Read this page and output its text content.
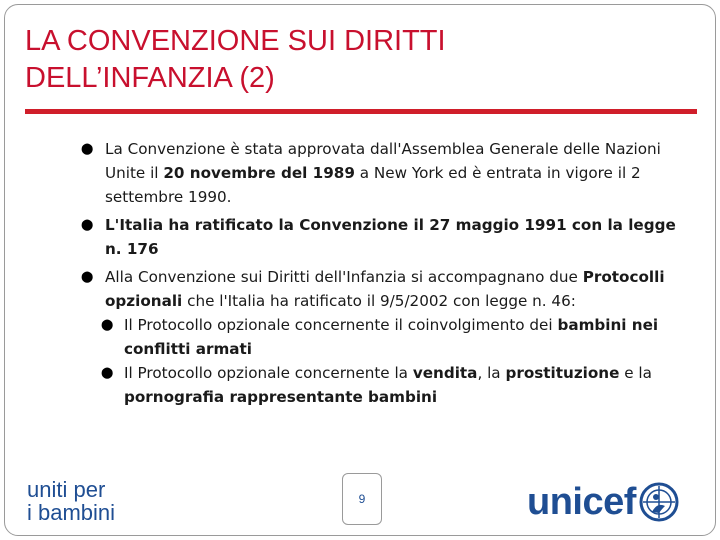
LA CONVENZIONE SUI DIRITTI
DELL’INFANZIA (2)

⬤ La Convenzione è stata approvata dall'Assemblea Generale delle Nazioni Unite il 20 novembre del 1989 a New York ed è entrata in vigore il 2 settembre 1990.

⬤ L'Italia ha ratificato la Convenzione il 27 maggio 1991 con la legge n. 176

⬤ Alla Convenzione sui Diritti dell'Infanzia si accompagnano due Protocolli opzionali che l'Italia ha ratificato il 9/5/2002 con legge n. 46:

⬤ Il Protocollo opzionale concernente il coinvolgimento dei bambini nei conflitti armati

⬤ Il Protocollo opzionale concernente la vendita, la prostituzione e la pornografia rappresentante bambini

uniti per
i bambini
9	unicef
